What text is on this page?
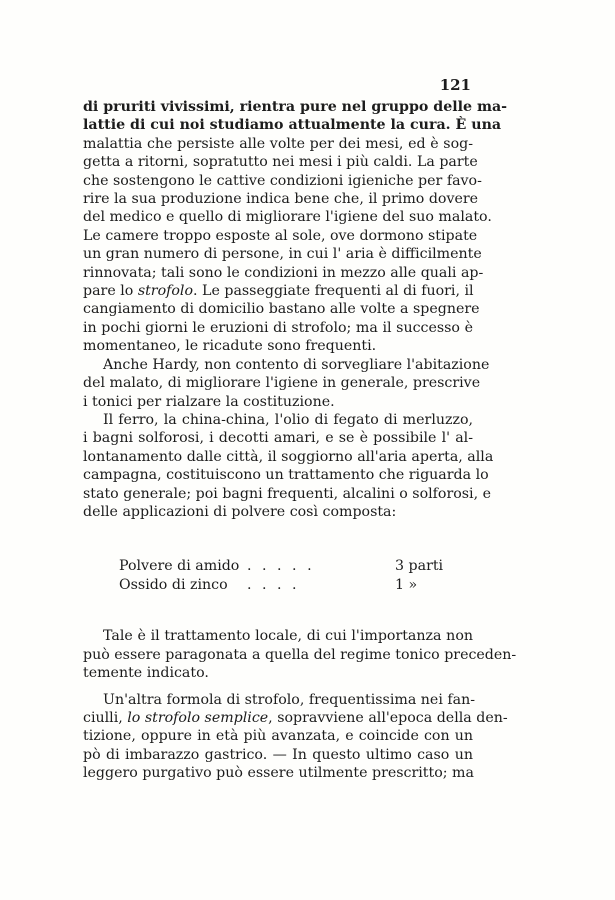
121
di pruriti vivissimi, rientra pure nel gruppo delle ma-
lattie di cui noi studiamo attualmente la cura. È una
malattia che persiste alle volte per dei mesi, ed è sog-
getta a ritorni, sopratutto nei mesi i più caldi. La parte
che sostengono le cattive condizioni igieniche per favo-
rire la sua produzione indica bene che, il primo dovere
del medico e quello di migliorare l'igiene del suo malato.
Le camere troppo esposte al sole, ove dormono stipate
un gran numero di persone, in cui l' aria è difficilmente
rinnovata; tali sono le condizioni in mezzo alle quali ap-
pare lo strofolo. Le passeggiate frequenti al di fuori, il
cangiamento di domicilio bastano alle volte a spegnere
in pochi giorni le eruzioni di strofolo; ma il successo è
momentaneo, le ricadute sono frequenti.
Anche Hardy, non contento di sorvegliare l'abitazione
del malato, di migliorare l'igiene in generale, prescrive
i tonici per rialzare la costituzione.
Il ferro, la china-china, l'olio di fegato di merluzzo,
i bagni solforosi, i decotti amari, e se è possibile l' al-
lontanamento dalle città, il soggiorno all'aria aperta, alla
campagna, costituiscono un trattamento che riguarda lo
stato generale; poi bagni frequenti, alcalini o solforosi, e
delle applicazioni di polvere così composta:
Polvere di amido . . . . .	3 parti
Ossido di zinco	. . . .	1 »
Tale è il trattamento locale, di cui l'importanza non
può essere paragonata a quella del regime tonico preceden-
temente indicato.
Un'altra formola di strofolo, frequentissima nei fan-
ciulli, lo strofolo semplice, sopravviene all'epoca della den-
tizione, oppure in età più avanzata, e coincide con un
pò di imbarazzo gastrico. — In questo ultimo caso un
leggero purgativo può essere utilmente prescritto; ma
